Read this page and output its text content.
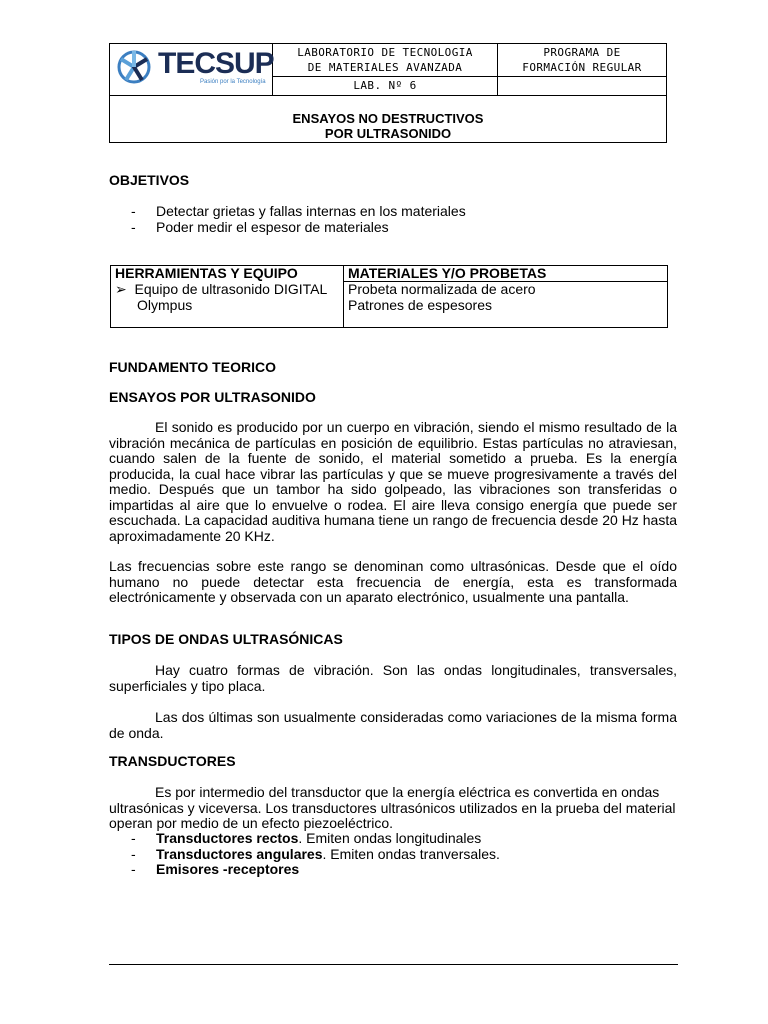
TECSUP
Pasión por la Tecnología
LABORATORIO DE TECNOLOGIA
DE MATERIALES AVANZADA
PROGRAMA DE
FORMACIÓN REGULAR
LAB. Nº 6
ENSAYOS NO DESTRUCTIVOS
POR ULTRASONIDO
OBJETIVOS
-	Detectar grietas y fallas internas en los materiales
-	Poder medir el espesor de materiales
HERRAMIENTAS Y EQUIPO	MATERIALES Y/O PROBETAS
➢ Equipo de ultrasonido DIGITAL
Olympus
Probeta normalizada de acero
Patrones de espesores
FUNDAMENTO TEORICO
ENSAYOS POR ULTRASONIDO
El sonido es producido por un cuerpo en vibración, siendo el mismo resultado de la vibración mecánica de partículas en posición de equilibrio. Estas partículas no atraviesan, cuando salen de la fuente de sonido, el material sometido a prueba. Es la energía producida, la cual hace vibrar las partículas y que se mueve progresivamente a través del medio. Después que un tambor ha sido golpeado, las vibraciones son transferidas o impartidas al aire que lo envuelve o rodea. El aire lleva consigo energía que puede ser escuchada. La capacidad auditiva humana tiene un rango de frecuencia desde 20 Hz hasta aproximadamente 20 KHz.
Las frecuencias sobre este rango se denominan como ultrasónicas. Desde que el oído humano no puede detectar esta frecuencia de energía, esta es transformada electrónicamente y observada con un aparato electrónico, usualmente una pantalla.
TIPOS DE ONDAS ULTRASÓNICAS
Hay cuatro formas de vibración. Son las ondas longitudinales, transversales, superficiales y tipo placa.
Las dos últimas son usualmente consideradas como variaciones de la misma forma de onda.
TRANSDUCTORES
Es por intermedio del transductor que la energía eléctrica es convertida en ondas ultrasónicas y viceversa. Los transductores ultrasónicos utilizados en la prueba del material operan por medio de un efecto piezoeléctrico.
-	Transductores rectos. Emiten ondas longitudinales
-	Transductores angulares. Emiten ondas tranversales.
-	Emisores -receptores
